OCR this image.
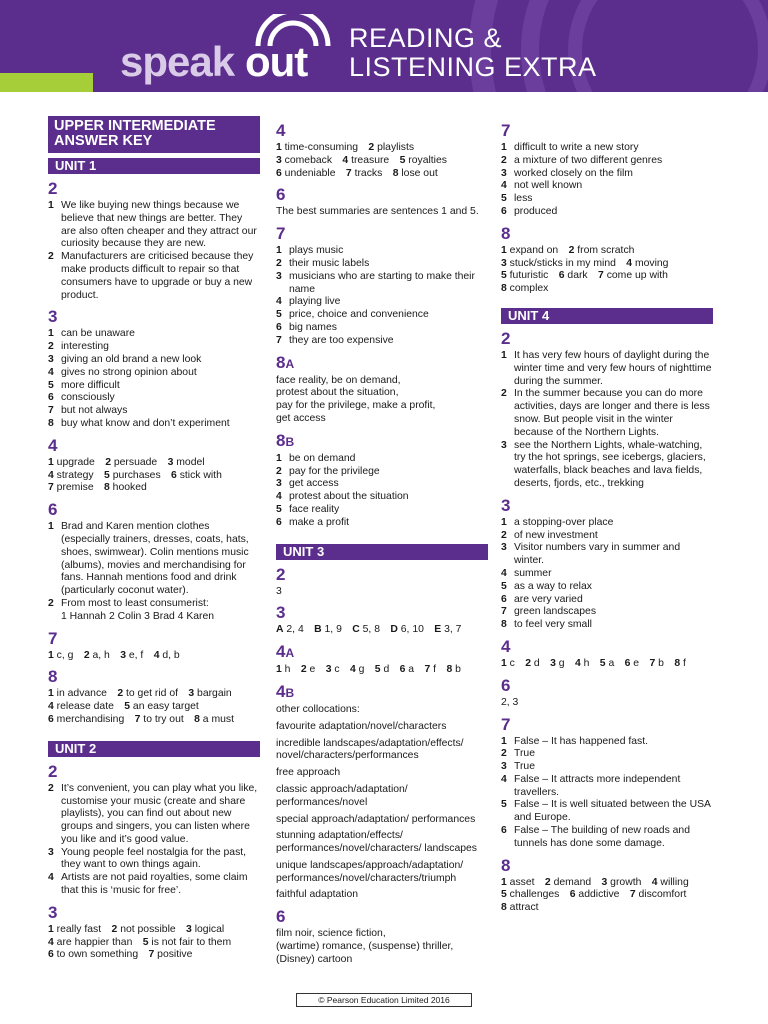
speak out READING &
LISTENING EXTRA
UPPER INTERMEDIATE
ANSWER KEY
UNIT 1
2
1 We like buying new things because we believe that new things are better. They are also often cheaper and they attract our curiosity because they are new.
2 Manufacturers are criticised because they make products difficult to repair so that consumers have to upgrade or buy a new product.
3
1 can be unaware
2 interesting
3 giving an old brand a new look
4 gives no strong opinion about
5 more difficult
6 consciously
7 but not always
8 buy what know and don’t experiment
4
1 upgrade 2 persuade 3 model
4 strategy 5 purchases 6 stick with
7 premise 8 hooked
6
1 Brad and Karen mention clothes (especially trainers, dresses, coats, hats, shoes, swimwear). Colin mentions music (albums), movies and merchandising for fans. Hannah mentions food and drink (particularly coconut water).
2 From most to least consumerist:
1 Hannah 2 Colin 3 Brad 4 Karen
7
1 c, g 2 a, h 3 e, f 4 d, b
8
1 in advance 2 to get rid of 3 bargain
4 release date 5 an easy target
6 merchandising 7 to try out 8 a must
UNIT 2
2
2 It’s convenient, you can play what you like, customise your music (create and share playlists), you can find out about new groups and singers, you can listen where you like and it’s good value.
3 Young people feel nostalgia for the past, they want to own things again.
4 Artists are not paid royalties, some claim that this is ‘music for free’.
3
1 really fast 2 not possible 3 logical
4 are happier than 5 is not fair to them
6 to own something 7 positive
4
1 time-consuming 2 playlists
3 comeback 4 treasure 5 royalties
6 undeniable 7 tracks 8 lose out
6
The best summaries are sentences 1 and 5.
7
1 plays music
2 their music labels
3 musicians who are starting to make their name
4 playing live
5 price, choice and convenience
6 big names
7 they are too expensive
8A
face reality, be on demand,
protest about the situation,
pay for the privilege, make a profit,
get access
8B
1 be on demand
2 pay for the privilege
3 get access
4 protest about the situation
5 face reality
6 make a profit
UNIT 3
2
3
3
A 2, 4 B 1, 9 C 5, 8 D 6, 10 E 3, 7
4A
1 h 2 e 3 c 4 g 5 d 6 a 7 f 8 b
4B
other collocations:
favourite adaptation/novel/characters
incredible landscapes/adaptation/effects/ novel/characters/performances
free approach
classic approach/adaptation/ performances/novel
special approach/adaptation/ performances
stunning adaptation/effects/ performances/novel/characters/ landscapes
unique landscapes/approach/adaptation/ performances/novel/characters/triumph
faithful adaptation
6
film noir, science fiction,
(wartime) romance, (suspense) thriller,
(Disney) cartoon
7
1 difficult to write a new story
2 a mixture of two different genres
3 worked closely on the film
4 not well known
5 less
6 produced
8
1 expand on 2 from scratch
3 stuck/sticks in my mind 4 moving
5 futuristic 6 dark 7 come up with
8 complex
UNIT 4
2
1 It has very few hours of daylight during the winter time and very few hours of nighttime during the summer.
2 In the summer because you can do more activities, days are longer and there is less snow. But people visit in the winter because of the Northern Lights.
3 see the Northern Lights, whale-watching, try the hot springs, see icebergs, glaciers, waterfalls, black beaches and lava fields, deserts, fjords, etc., trekking
3
1 a stopping-over place
2 of new investment
3 Visitor numbers vary in summer and winter.
4 summer
5 as a way to relax
6 are very varied
7 green landscapes
8 to feel very small
4
1 c 2 d 3 g 4 h 5 a 6 e 7 b 8 f
6
2, 3
7
1 False – It has happened fast.
2 True
3 True
4 False – It attracts more independent travellers.
5 False – It is well situated between the USA and Europe.
6 False – The building of new roads and tunnels has done some damage.
8
1 asset 2 demand 3 growth 4 willing
5 challenges 6 addictive 7 discomfort
8 attract
© Pearson Education Limited 2016
